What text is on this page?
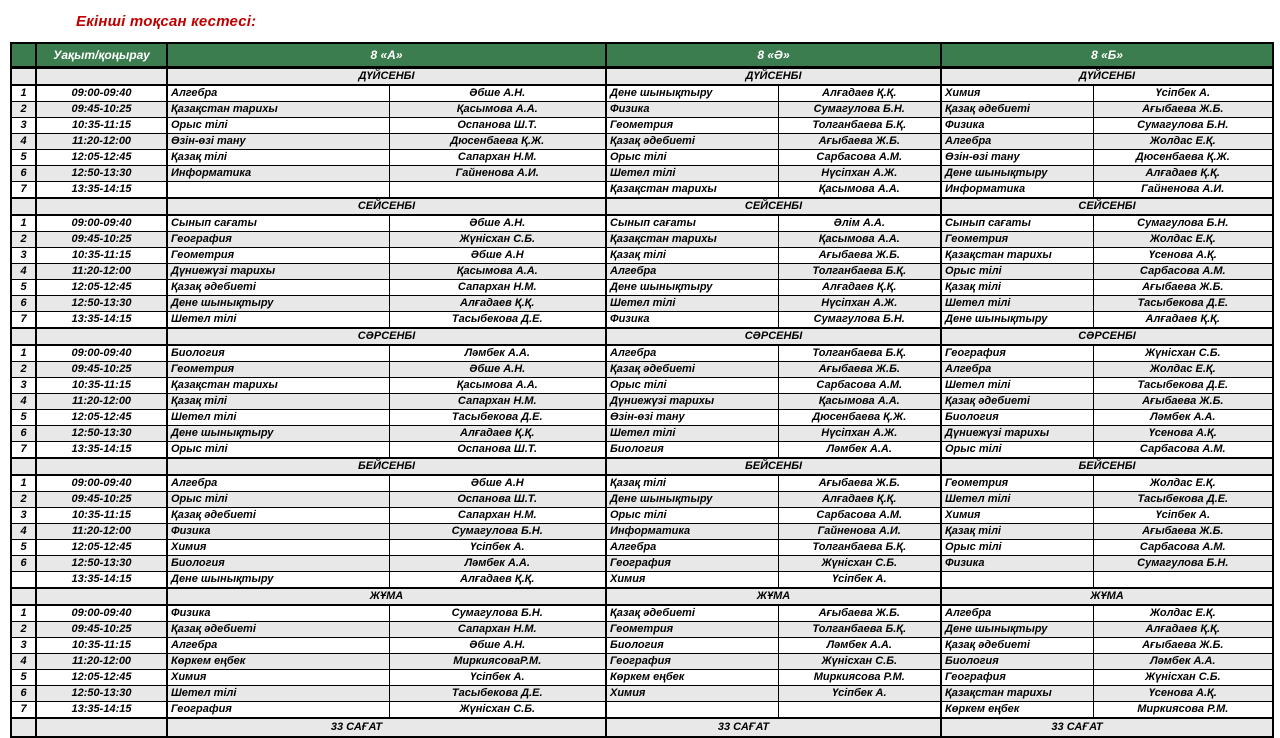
Екінші тоқсан кестесі:
	Уақыт/қоңырау	8 «А»		8 «Ә»		8 «Б»	
		ДҮЙСЕНБІ		ДҮЙСЕНБІ		ДҮЙСЕНБІ	
1	09:00-09:40	Алгебра	Әбше А.Н.	Дене шынықтыру	Алғадаев Қ.Қ.	Химия	Үсіпбек А.
2	09:45-10:25	Қазақстан тарихы	Қасымова А.А.	Физика	Сумагулова Б.Н.	Қазақ әдебиеті	Ағыбаева Ж.Б.
3	10:35-11:15	Орыс тілі	Оспанова Ш.Т.	Геометрия	Толганбаева Б.Қ.	Физика	Сумагулова Б.Н.
4	11:20-12:00	Өзін-өзі тану	Дюсенбаева Қ.Ж.	Қазақ әдебиеті	Ағыбаева Ж.Б.	Алгебра	Жолдас Е.Қ.
5	12:05-12:45	Қазақ тілі	Сапархан Н.М.	Орыс тілі	Сарбасова А.М.	Өзін-өзі тану	Дюсенбаева Қ.Ж.
6	12:50-13:30	Информатика	Гайненова А.И.	Шетел тілі	Нүсіпхан А.Ж.	Дене шынықтыру	Алғадаев Қ.Қ.
7	13:35-14:15			Қазақстан тарихы	Қасымова А.А.	Информатика	Гайненова А.И.
		СЕЙСЕНБІ		СЕЙСЕНБІ		СЕЙСЕНБІ	
1	09:00-09:40	Сынып сағаты	Әбше А.Н.	Сынып сағаты	Әлім А.А.	Сынып сағаты	Сумагулова Б.Н.
2	09:45-10:25	География	Жүнісхан С.Б.	Қазақстан тарихы	Қасымова А.А.	Геометрия	Жолдас Е.Қ.
3	10:35-11:15	Геометрия	Әбше А.Н	Қазақ тілі	Ағыбаева Ж.Б.	Қазақстан тарихы	Үсенова А.Қ.
4	11:20-12:00	Дүниежүзі тарихы	Қасымова А.А.	Алгебра	Толганбаева Б.Қ.	Орыс тілі	Сарбасова А.М.
5	12:05-12:45	Қазақ әдебиеті	Сапархан Н.М.	Дене шынықтыру	Алғадаев Қ.Қ.	Қазақ тілі	Ағыбаева Ж.Б.
6	12:50-13:30	Дене шынықтыру	Алғадаев Қ.Қ.	Шетел тілі	Нүсіпхан А.Ж.	Шетел тілі	Тасыбекова Д.Е.
7	13:35-14:15	Шетел тілі	Тасыбекова Д.Е.	Физика	Сумагулова Б.Н.	Дене шынықтыру	Алғадаев Қ.Қ.
		СӘРСЕНБІ		СӘРСЕНБІ		СӘРСЕНБІ	
1	09:00-09:40	Биология	Ләмбек А.А.	Алгебра	Толганбаева Б.Қ.	География	Жүнісхан С.Б.
2	09:45-10:25	Геометрия	Әбше А.Н.	Қазақ әдебиеті	Ағыбаева Ж.Б.	Алгебра	Жолдас Е.Қ.
3	10:35-11:15	Қазақстан тарихы	Қасымова А.А.	Орыс тілі	Сарбасова А.М.	Шетел тілі	Тасыбекова Д.Е.
4	11:20-12:00	Қазақ тілі	Сапархан Н.М.	Дүниежүзі тарихы	Қасымова А.А.	Қазақ әдебиеті	Ағыбаева Ж.Б.
5	12:05-12:45	Шетел тілі	Тасыбекова Д.Е.	Өзін-өзі тану	Дюсенбаева Қ.Ж.	Биология	Ләмбек А.А.
6	12:50-13:30	Дене шынықтыру	Алғадаев Қ.Қ.	Шетел тілі	Нүсіпхан А.Ж.	Дүниежүзі тарихы	Үсенова А.Қ.
7	13:35-14:15	Орыс тілі	Оспанова Ш.Т.	Биология	Ләмбек А.А.	Орыс тілі	Сарбасова А.М.
		БЕЙСЕНБІ		БЕЙСЕНБІ		БЕЙСЕНБІ	
1	09:00-09:40	Алгебра	Әбше А.Н	Қазақ тілі	Ағыбаева Ж.Б.	Геометрия	Жолдас Е.Қ.
2	09:45-10:25	Орыс тілі	Оспанова Ш.Т.	Дене шынықтыру	Алғадаев Қ.Қ.	Шетел тілі	Тасыбекова Д.Е.
3	10:35-11:15	Қазақ әдебиеті	Сапархан Н.М.	Орыс тілі	Сарбасова А.М.	Химия	Үсіпбек А.
4	11:20-12:00	Физика	Сумагулова Б.Н.	Информатика	Гайненова А.И.	Қазақ тілі	Ағыбаева Ж.Б.
5	12:05-12:45	Химия	Үсіпбек А.	Алгебра	Толганбаева Б.Қ.	Орыс тілі	Сарбасова А.М.
6	12:50-13:30	Биология	Ләмбек А.А.	География	Жүнісхан С.Б.	Физика	Сумагулова Б.Н.
	13:35-14:15	Дене шынықтыру	Алғадаев Қ.Қ.	Химия	Үсіпбек А.		
		ЖҰМА		ЖҰМА		ЖҰМА	
1	09:00-09:40	Физика	Сумагулова Б.Н.	Қазақ әдебиеті	Ағыбаева Ж.Б.	Алгебра	Жолдас Е.Қ.
2	09:45-10:25	Қазақ әдебиеті	Сапархан Н.М.	Геометрия	Толганбаева Б.Қ.	Дене шынықтыру	Алғадаев Қ.Қ.
3	10:35-11:15	Алгебра	Әбше А.Н.	Биология	Ләмбек А.А.	Қазақ әдебиеті	Ағыбаева Ж.Б.
4	11:20-12:00	Көркем еңбек	МиркиясоваР.М.	География	Жүнісхан С.Б.	Биология	Ләмбек А.А.
5	12:05-12:45	Химия	Үсіпбек А.	Көркем еңбек	Миркиясова Р.М.	География	Жүнісхан С.Б.
6	12:50-13:30	Шетел тілі	Тасыбекова Д.Е.	Химия	Үсіпбек А.	Қазақстан тарихы	Үсенова А.Қ.
7	13:35-14:15	География	Жүнісхан С.Б.			Көркем еңбек	Миркиясова Р.М.
		33 САҒАТ		33 САҒАТ		33 САҒАТ	
